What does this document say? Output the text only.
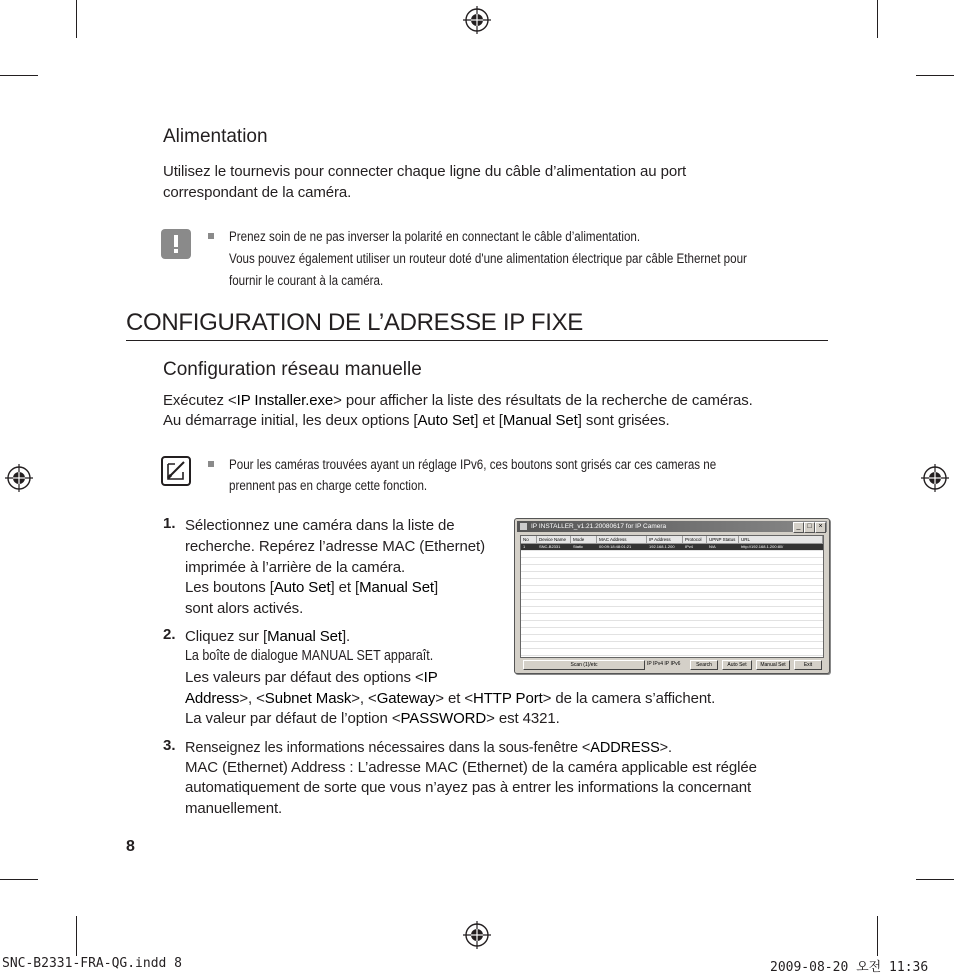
Alimentation
Utilisez le tournevis pour connecter chaque ligne du câble d’alimentation au port
correspondant de la caméra.
Prenez soin de ne pas inverser la polarité en connectant le câble d’alimentation.
Vous pouvez également utiliser un routeur doté d'une alimentation électrique par câble Ethernet pour
fournir le courant à la caméra.
CONFIGURATION DE L’ADRESSE IP FIXE
Configuration réseau manuelle
Exécutez <IP Installer.exe> pour afficher la liste des résultats de la recherche de caméras.
Au démarrage initial, les deux options [Auto Set] et [Manual Set] sont grisées.
Pour les caméras trouvées ayant un réglage IPv6, ces boutons sont grisés car ces cameras ne
prennent pas en charge cette fonction.
1. Sélectionnez une caméra dans la liste de
recherche. Repérez l’adresse MAC (Ethernet)
imprimée à l’arrière de la caméra.
Les boutons [Auto Set] et [Manual Set]
sont alors activés.
2. Cliquez sur [Manual Set].
La boîte de dialogue MANUAL SET apparaît.
Les valeurs par défaut des options <IP
Address>, <Subnet Mask>, <Gateway> et <HTTP Port> de la camera s’affichent.
La valeur par défaut de l’option <PASSWORD> est 4321.
3. Renseignez les informations nécessaires dans la sous-fenêtre <ADDRESS>.
MAC (Ethernet) Address : L’adresse MAC (Ethernet) de la caméra applicable est réglée
automatiquement de sorte que vous n’ayez pas à entrer les informations la concernant
manuellement.
IP INSTALLER_v1.21.20080617 for IP Camera	_ □ ×
No	Device Name	Mode	MAC Address	IP Address	Protocol	UPNP Status	URL
1	SNC-B2331	Static	00:09:18:48:01:21	192.168.1.200	IPv4	N/A	http://192.168.1.200:80/
Scan (1)/etc	IP IPv4 IP IPv6	Search	Auto Set	Manual Set	Exit
8
SNC-B2331-FRA-QG.indd 8	2009-08-20 오전 11:36
